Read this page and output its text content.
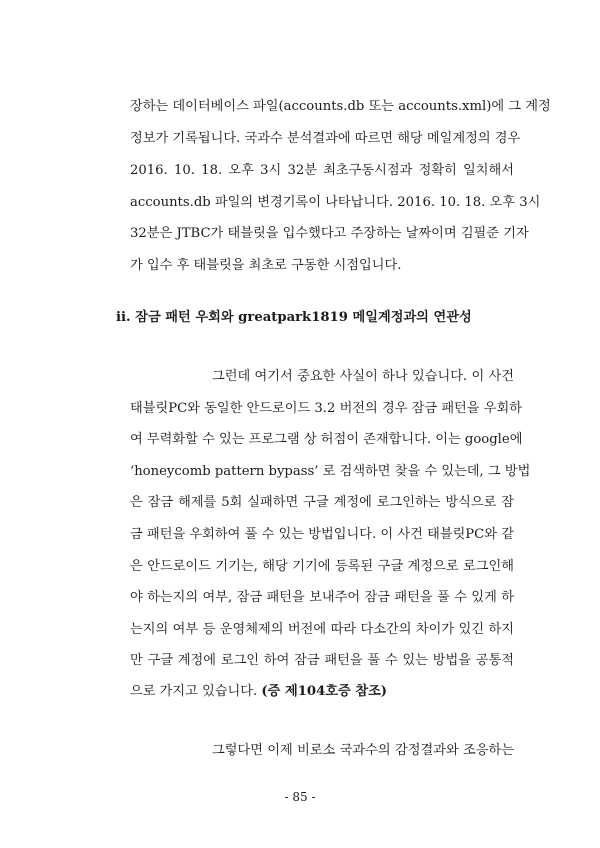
장하는 데이터베이스 파일(accounts.db 또는 accounts.xml)에 그 계정
정보가 기록됩니다. 국과수 분석결과에 따르면 해당 메일계정의 경우
2016. 10. 18. 오후 3시 32분 최초구동시점과 정확히 일치해서
accounts.db 파일의 변경기록이 나타납니다. 2016. 10. 18. 오후 3시
32분은 JTBC가 태블릿을 입수했다고 주장하는 날짜이며 김필준 기자
가 입수 후 태블릿을 최초로 구동한 시점입니다.
ⅱ. 잠금 패턴 우회와 greatpark1819 메일계정과의 연관성
그런데 여기서 중요한 사실이 하나 있습니다. 이 사건
태블릿PC와 동일한 안드로이드 3.2 버전의 경우 잠금 패턴을 우회하
여 무력화할 수 있는 프로그램 상 허점이 존재합니다. 이는 google에
‘honeycomb pattern bypass’ 로 검색하면 찾을 수 있는데, 그 방법
은 잠금 해제를 5회 실패하면 구글 계정에 로그인하는 방식으로 잠
금 패턴을 우회하여 풀 수 있는 방법입니다. 이 사건 태블릿PC와 같
은 안드로이드 기기는, 해당 기기에 등록된 구글 계정으로 로그인해
야 하는지의 여부, 잠금 패턴을 보내주어 잠금 패턴을 풀 수 있게 하
는지의 여부 등 운영체제의 버전에 따라 다소간의 차이가 있긴 하지
만 구글 계정에 로그인 하여 잠금 패턴을 풀 수 있는 방법을 공통적
으로 가지고 있습니다. (증 제104호증 참조)
그렇다면 이제 비로소 국과수의 감정결과와 조응하는
- 85 -
